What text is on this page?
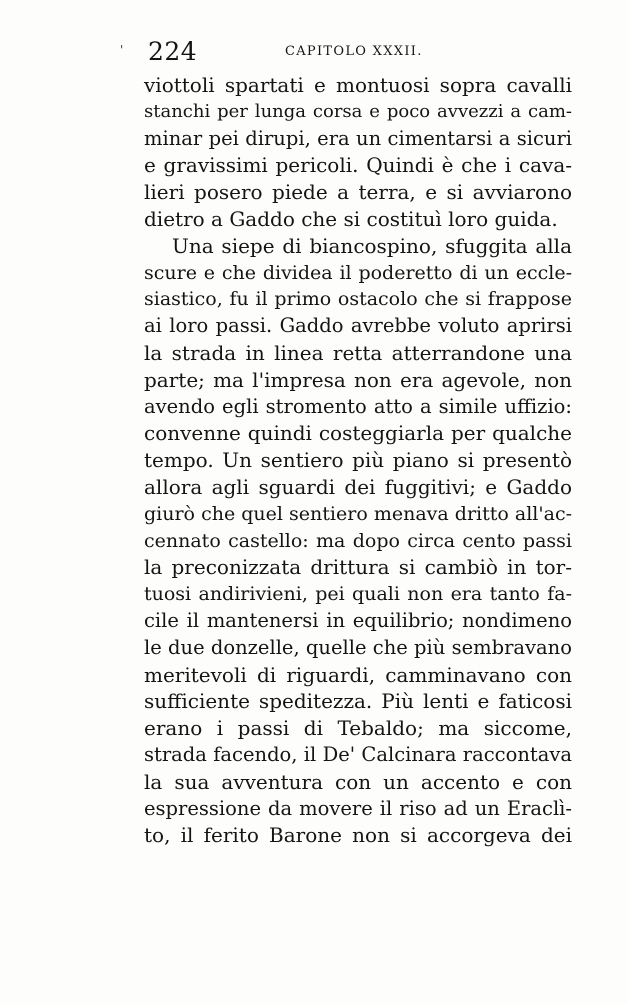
' 224	CAPITOLO XXXII.
viottoli spartati e montuosi sopra cavalli
stanchi per lunga corsa e poco avvezzi a cam-
minar pei dirupi, era un cimentarsi a sicuri
e gravissimi pericoli. Quindi è che i cava-
lieri posero piede a terra, e si avviarono
dietro a Gaddo che si costituì loro guida.
Una siepe di biancospino, sfuggita alla
scure e che dividea il poderetto di un eccle-
siastico, fu il primo ostacolo che si frappose
ai loro passi. Gaddo avrebbe voluto aprirsi
la strada in linea retta atterrandone una
parte; ma l'impresa non era agevole, non
avendo egli stromento atto a simile uffizio:
convenne quindi costeggiarla per qualche
tempo. Un sentiero più piano si presentò
allora agli sguardi dei fuggitivi; e Gaddo
giurò che quel sentiero menava dritto all'ac-
cennato castello: ma dopo circa cento passi
la preconizzata drittura si cambiò in tor-
tuosi andirivieni, pei quali non era tanto fa-
cile il mantenersi in equilibrio; nondimeno
le due donzelle, quelle che più sembravano
meritevoli di riguardi, camminavano con
sufficiente speditezza. Più lenti e faticosi
erano i passi di Tebaldo; ma siccome,
strada facendo, il De' Calcinara raccontava
la sua avventura con un accento e con
espressione da movere il riso ad un Eraclì-
to, il ferito Barone non si accorgeva dei
